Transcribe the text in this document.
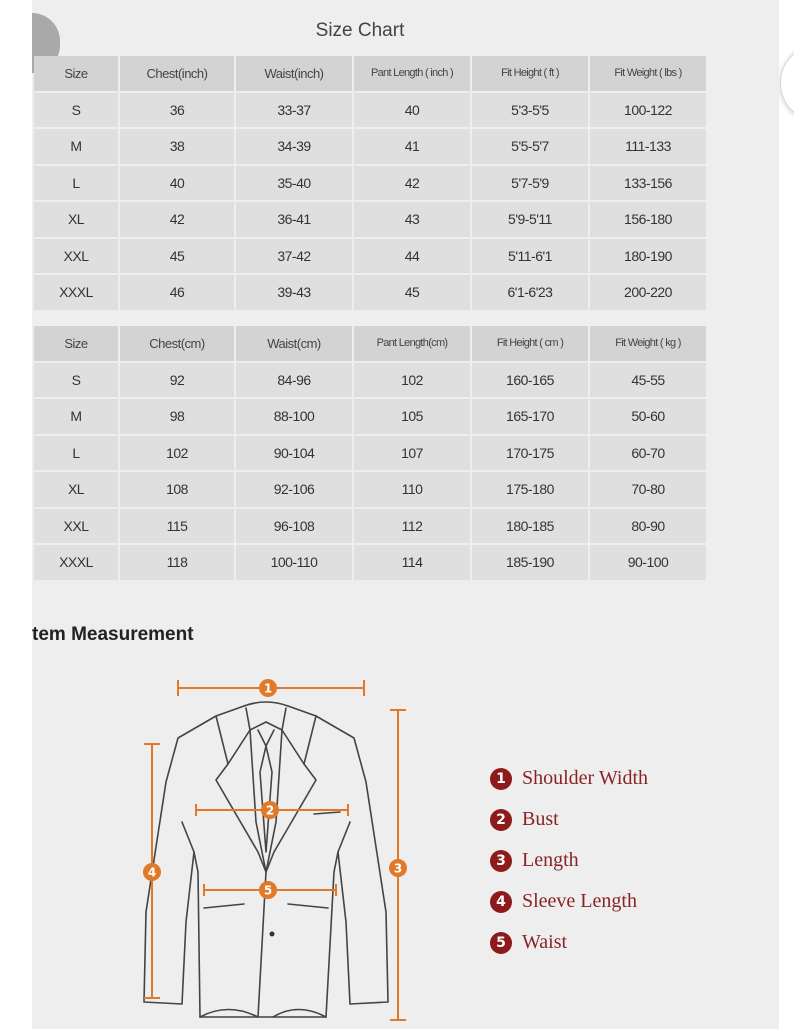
Size Chart
Size	Chest(inch)	Waist(inch)	Pant Length ( inch )	Fit Height ( ft )	Fit Weight ( lbs )
S	36	33-37	40	5'3-5'5	100-122
M	38	34-39	41	5'5-5'7	111-133
L	40	35-40	42	5'7-5'9	133-156
XL	42	36-41	43	5'9-5'11	156-180
XXL	45	37-42	44	5'11-6'1	180-190
XXXL	46	39-43	45	6'1-6'23	200-220
Size	Chest(cm)	Waist(cm)	Pant Length(cm)	Fit Height ( cm )	Fit Weight ( kg )
S	92	84-96	102	160-165	45-55
M	98	88-100	105	165-170	50-60
L	102	90-104	107	170-175	60-70
XL	108	92-106	110	175-180	70-80
XXL	115	96-108	112	180-185	80-90
XXXL	118	100-110	114	185-190	90-100
tem Measurement
1
2
3
4
5
1 Shoulder Width
2 Bust
3 Length
4 Sleeve Length
5 Waist
